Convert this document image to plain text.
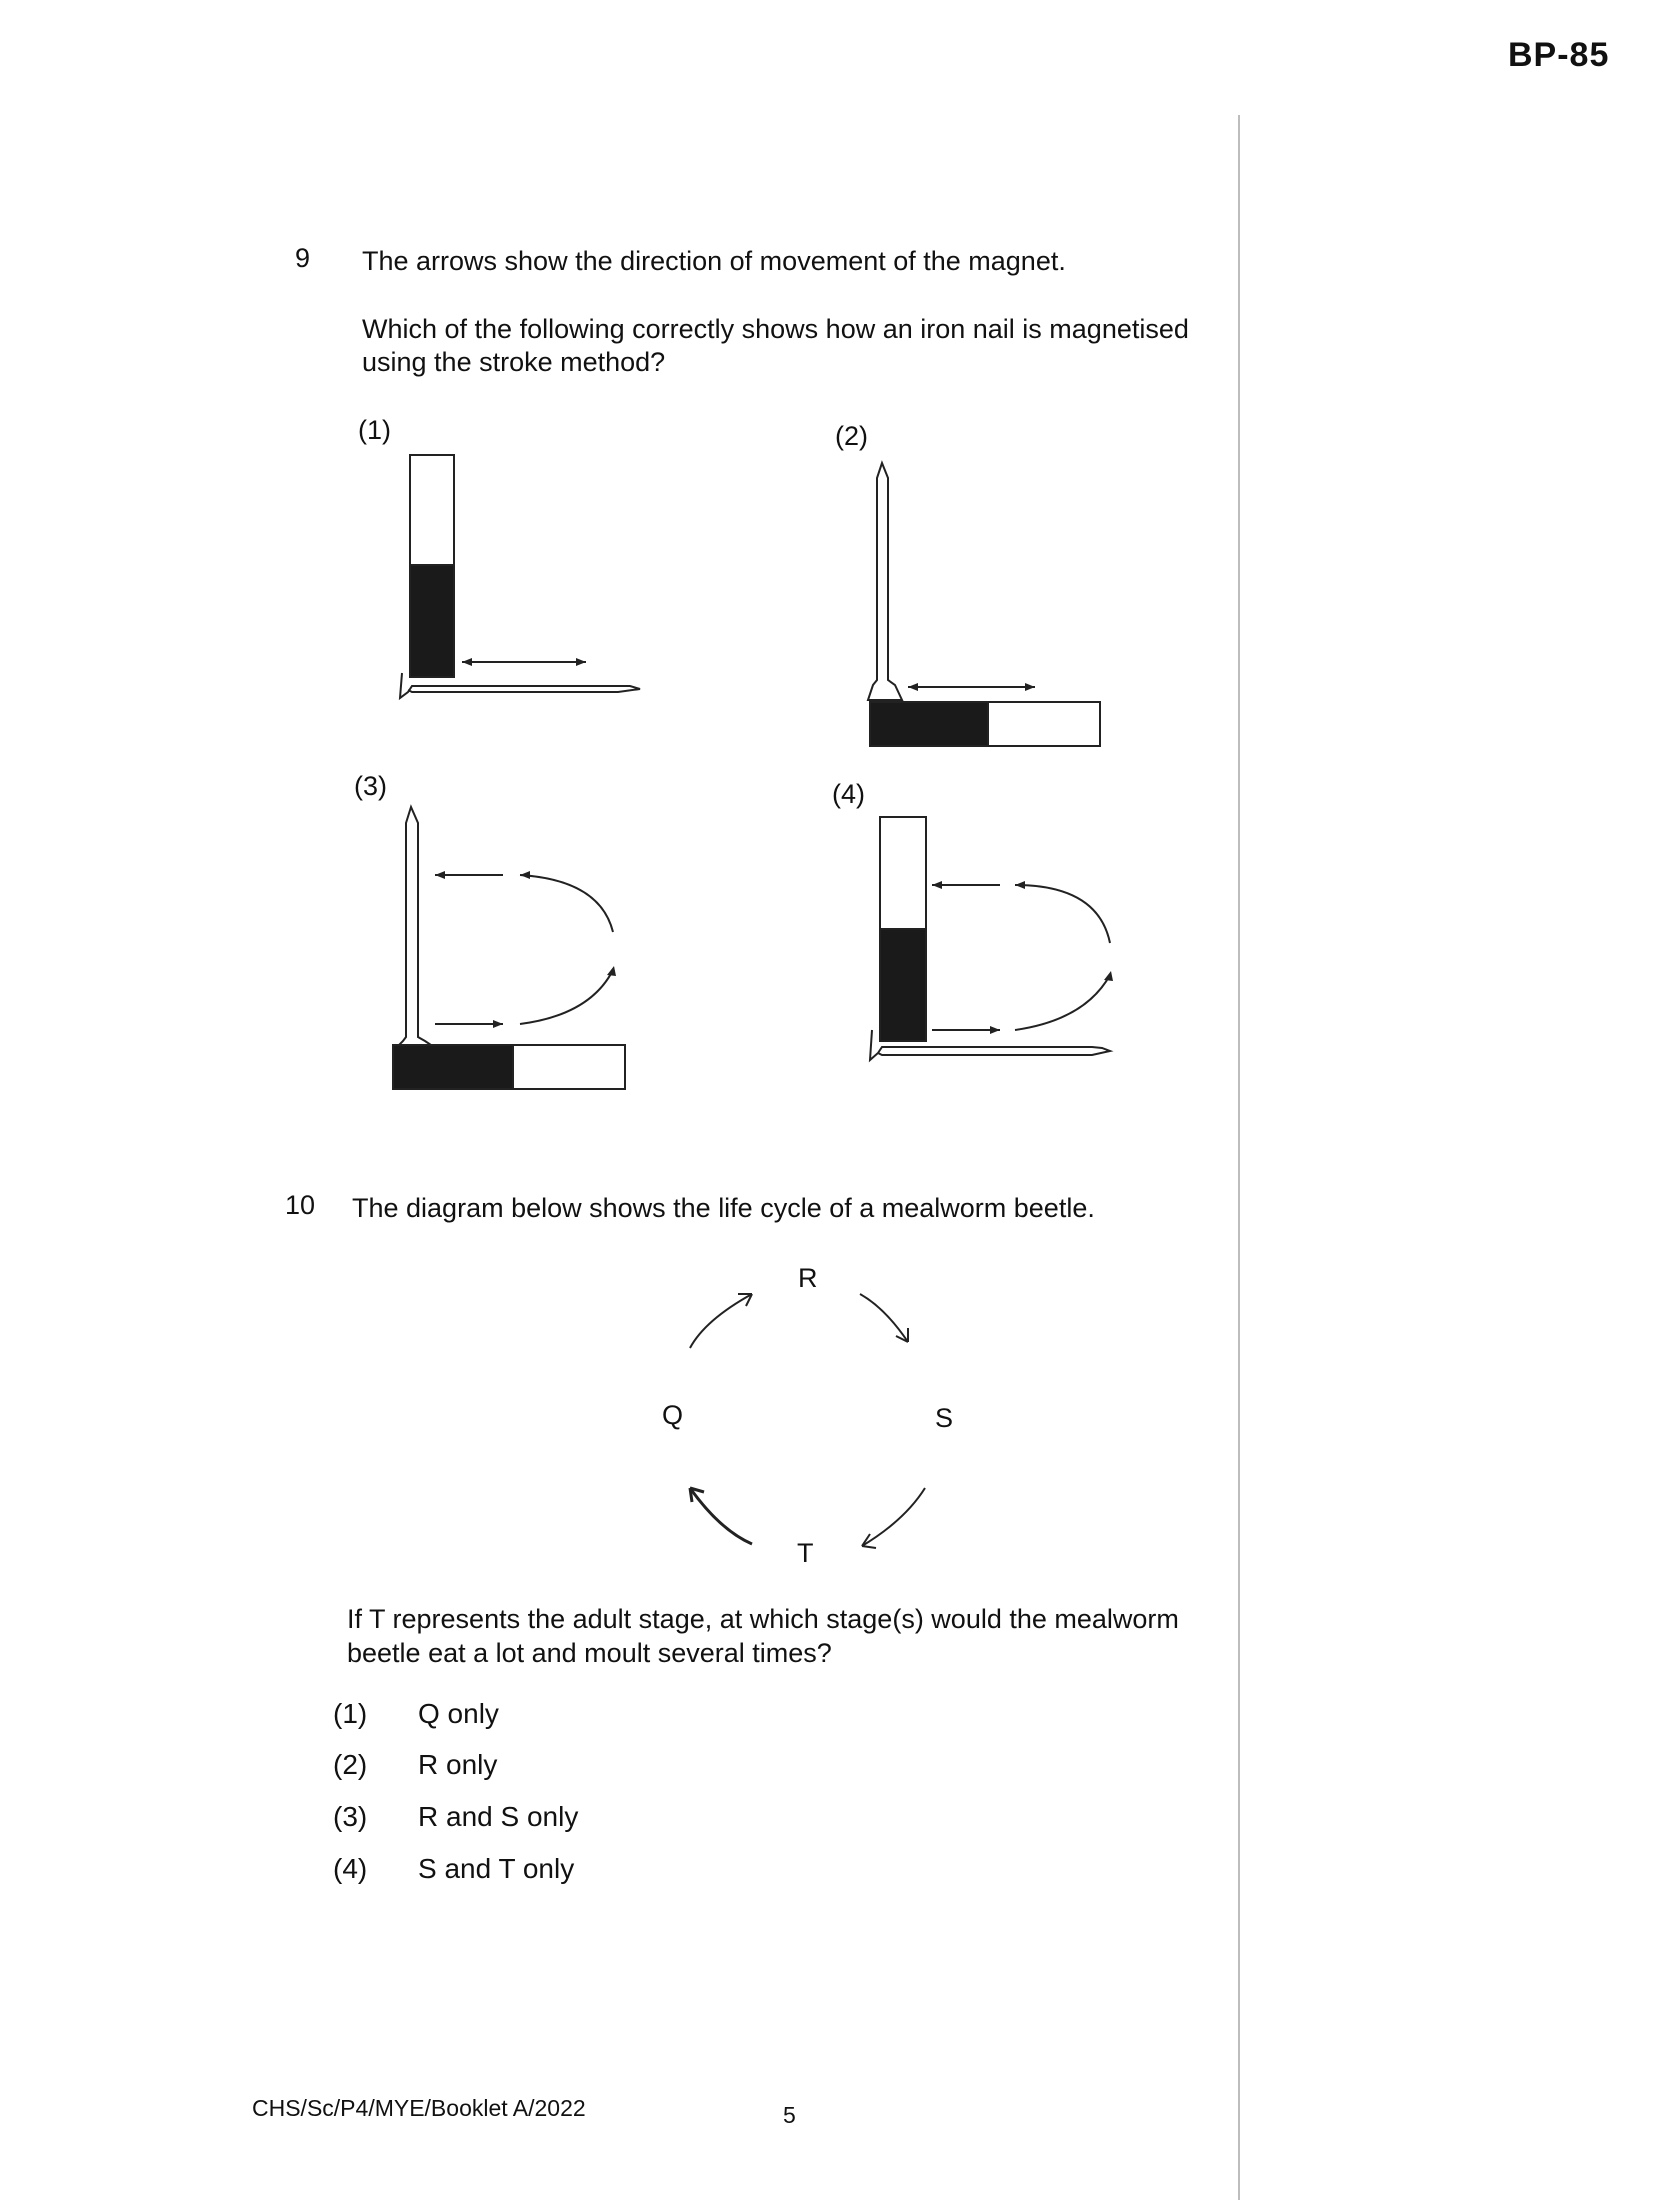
BP-85
9 The arrows show the direction of movement of the magnet.
Which of the following correctly shows how an iron nail is magnetised
using the stroke method?
(1)	(2)
(3)	(4)
10 The diagram below shows the life cycle of a mealworm beetle.
R
S
T
Q
If T represents the adult stage, at which stage(s) would the mealworm
beetle eat a lot and moult several times?
(1) Q only
(2) R only
(3) R and S only
(4) S and T only
CHS/Sc/P4/MYE/Booklet A/2022	5
